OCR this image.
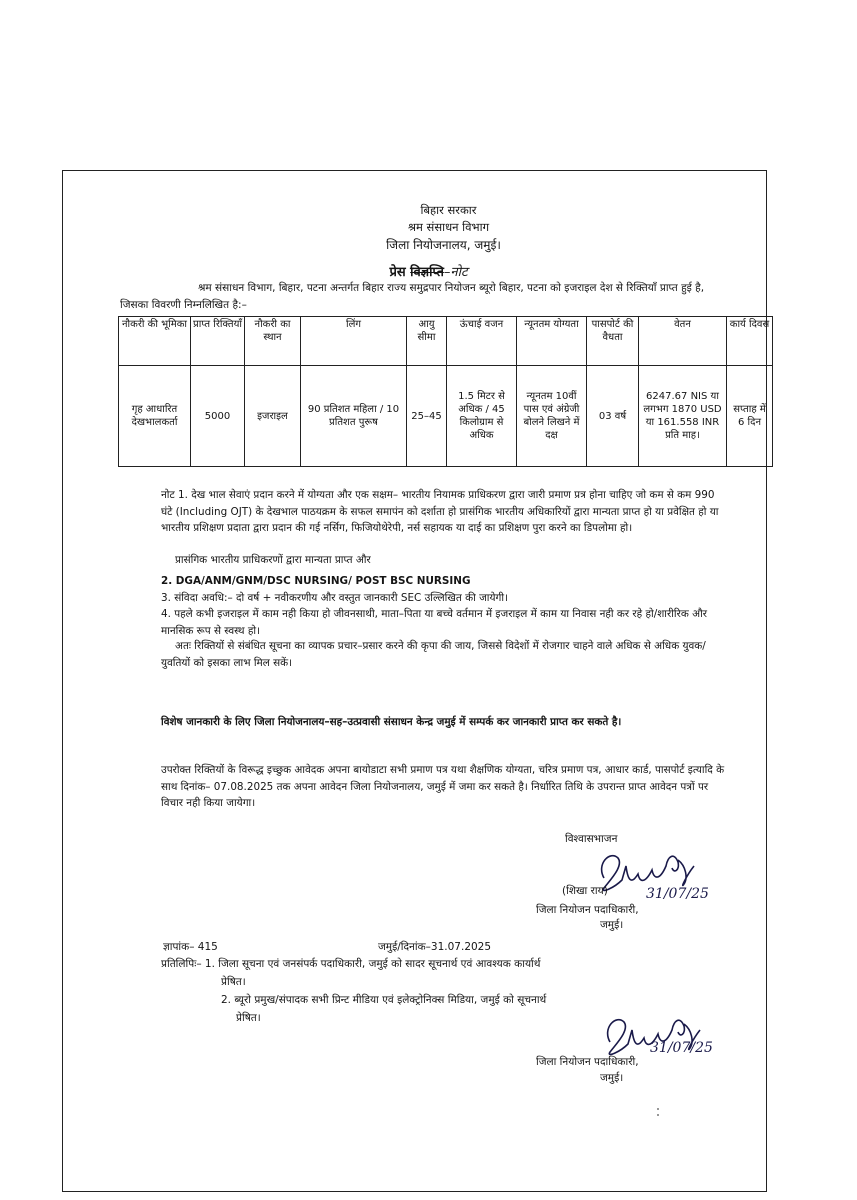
बिहार सरकार
श्रम संसाधन विभाग
जिला नियोजनालय, जमुई।
प्रेस विज्ञप्ति–नोट
श्रम संसाधन विभाग, बिहार, पटना अन्तर्गत बिहार राज्य समुद्रपार नियोजन ब्यूरो बिहार, पटना को इजराइल देश से रिक्तियाँ प्राप्त हुई है, जिसका विवरणी निम्नलिखित है:–
नौकरी की भूमिका	प्राप्त रिक्तियाँ	नौकरी का स्थान	लिंग	आयु सीमा	ऊंचाई वजन	न्यूनतम योग्यता	पासपोर्ट की वैधता	वेतन	कार्य दिवस
गृह आधारित देखभालकर्ता	5000	इजराइल	90 प्रतिशत महिला / 10 प्रतिशत पुरूष	25–45	1.5 मिटर से अधिक / 45 किलोग्राम से अधिक	न्यूनतम 10वीं पास एवं अंग्रेजी बोलने लिखने में दक्ष	03 वर्ष	6247.67 NIS या लगभग 1870 USD या 161.558 INR प्रति माह।	सप्ताह में 6 दिन
नोट 1. देख भाल सेवाएं प्रदान करने में योग्यता और एक सक्षम– भारतीय नियामक प्राधिकरण द्वारा जारी प्रमाण प्रत्र होना चाहिए जो कम से कम 990 घंटे (Including OJT) के देखभाल पाठयक्रम के सफल समापंन को दर्शाता हो प्रासंगिक भारतीय अधिकारियों द्वारा मान्यता प्राप्त हो या प्रवेक्षित हो या भारतीय प्रशिक्षण प्रदाता द्वारा प्रदान की गई नर्सिग, फिजियोथेरेपी, नर्स सहायक या दाई का प्रशिक्षण पुरा करने का डिपलोमा हो।
प्रासंगिक भारतीय प्राधिकरणों द्वारा मान्यता प्राप्त और
2. DGA/ANM/GNM/DSC NURSING/ POST BSC NURSING
3. संविदा अवधि:– दो वर्ष + नवीकरणीय और वस्तुत जानकारी SEC उल्लिखित की जायेगी।
4. पहले कभी इजराइल में काम नही किया हो जीवनसाथी, माता–पिता या बच्चे वर्तमान में इजराइल में काम या निवास नही कर रहे हो/शारीरिक और मानसिक रूप से स्वस्थ हो।
अतः रिक्तियों से संबंधित सूचना का व्यापक प्रचार–प्रसार करने की कृपा की जाय, जिससे विदेशों में रोजगार चाहने वाले अधिक से अधिक युवक/युवतियों को इसका लाभ मिल सकें।
विशेष जानकारी के लिए जिला नियोजनालय–सह–उत्प्रवासी संसाधन केन्द्र जमुई में सम्पर्क कर जानकारी प्राप्त कर सकते है।
उपरोक्त रिक्तियों के विरूद्ध इच्छुक आवेदक अपना बायोडाटा सभी प्रमाण पत्र यथा शैक्षणिक योग्यता, चरित्र प्रमाण पत्र, आधार कार्ड, पासपोर्ट इत्यादि के साथ दिनांक– 07.08.2025 तक अपना आवेदन जिला नियोजनालय, जमुई में जमा कर सकते है। निर्धारित तिथि के उपरान्त प्राप्त आवेदन पत्रों पर विचार नही किया जायेगा।
विश्वासभाजन
31/07/25
(शिखा राय)
जिला नियोजन पदाधिकारी,
जमुई।
ज्ञापांक– 415	जमुई/दिनांक–31.07.2025
प्रतिलिपिः– 1. जिला सूचना एवं जनसंपर्क पदाधिकारी, जमुई को सादर सूचनार्थ एवं आवश्यक कार्यार्थ
प्रेषित।
2. ब्यूरो प्रमुख/संपादक सभी प्रिन्ट मीडिया एवं इलेक्ट्रोनिक्स मिडिया, जमुई को सूचनार्थ
प्रेषित।
31/07/25
जिला नियोजन पदाधिकारी,
जमुई।
